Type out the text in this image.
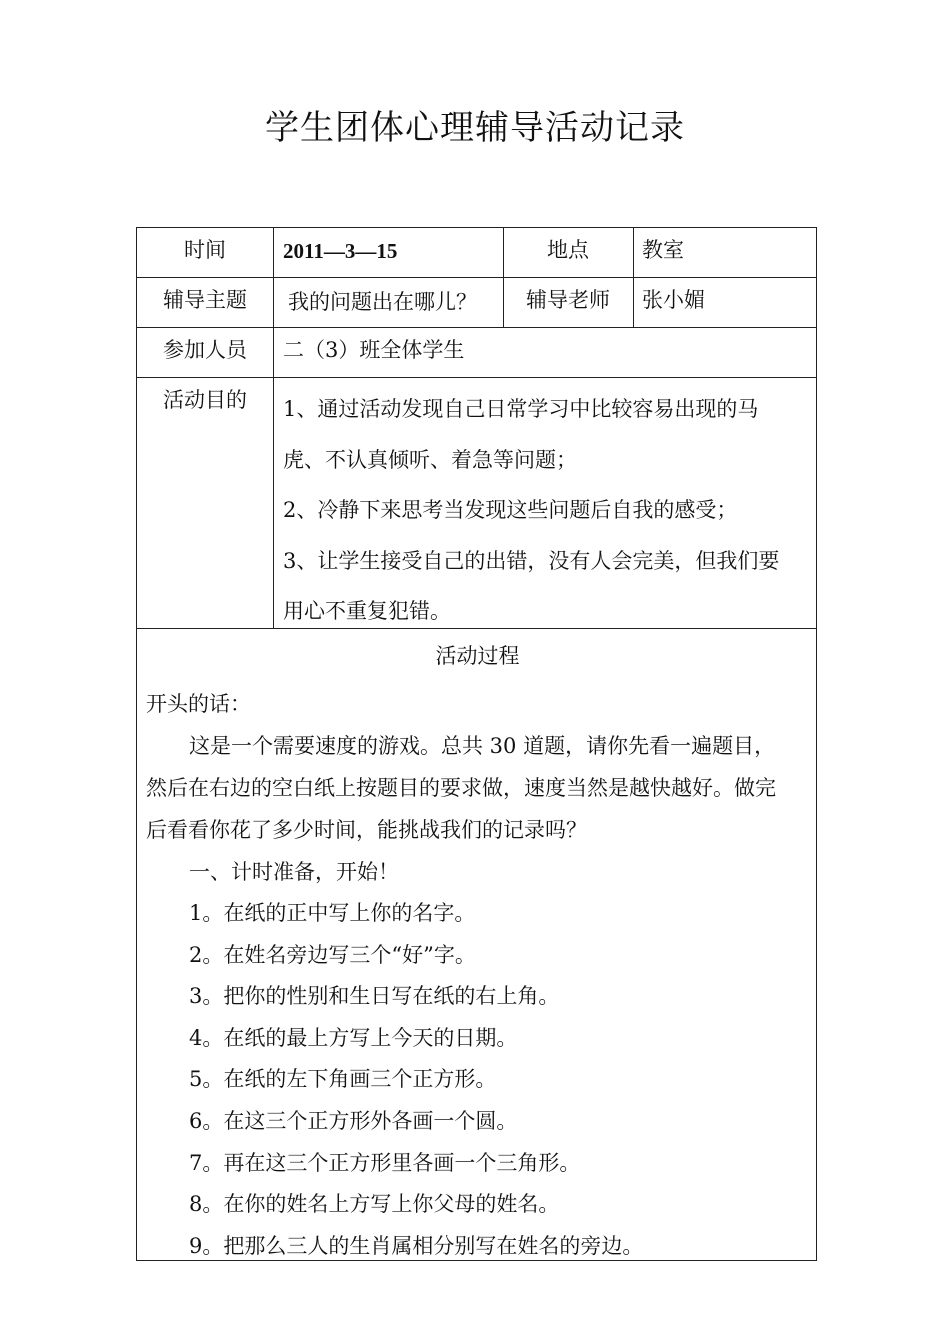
学生团体心理辅导活动记录
时间	2011—3—15	地点	教室
辅导主题	我的问题出在哪儿？	辅导老师	张小媚
参加人员	二（3）班全体学生
活动目的	1、通过活动发现自己日常学习中比较容易出现的马
虎、不认真倾听、着急等问题；
2、冷静下来思考当发现这些问题后自我的感受；
3、让学生接受自己的出错，没有人会完美，但我们要
用心不重复犯错。
活动过程
开头的话：
这是一个需要速度的游戏。总共 30 道题，请你先看一遍题目，
然后在右边的空白纸上按题目的要求做，速度当然是越快越好。做完
后看看你花了多少时间，能挑战我们的记录吗？
一、计时准备，开始！
1。在纸的正中写上你的名字。
2。在姓名旁边写三个“好”字。
3。把你的性别和生日写在纸的右上角。
4。在纸的最上方写上今天的日期。
5。在纸的左下角画三个正方形。
6。在这三个正方形外各画一个圆。
7。再在这三个正方形里各画一个三角形。
8。在你的姓名上方写上你父母的姓名。
9。把那么三人的生肖属相分别写在姓名的旁边。
